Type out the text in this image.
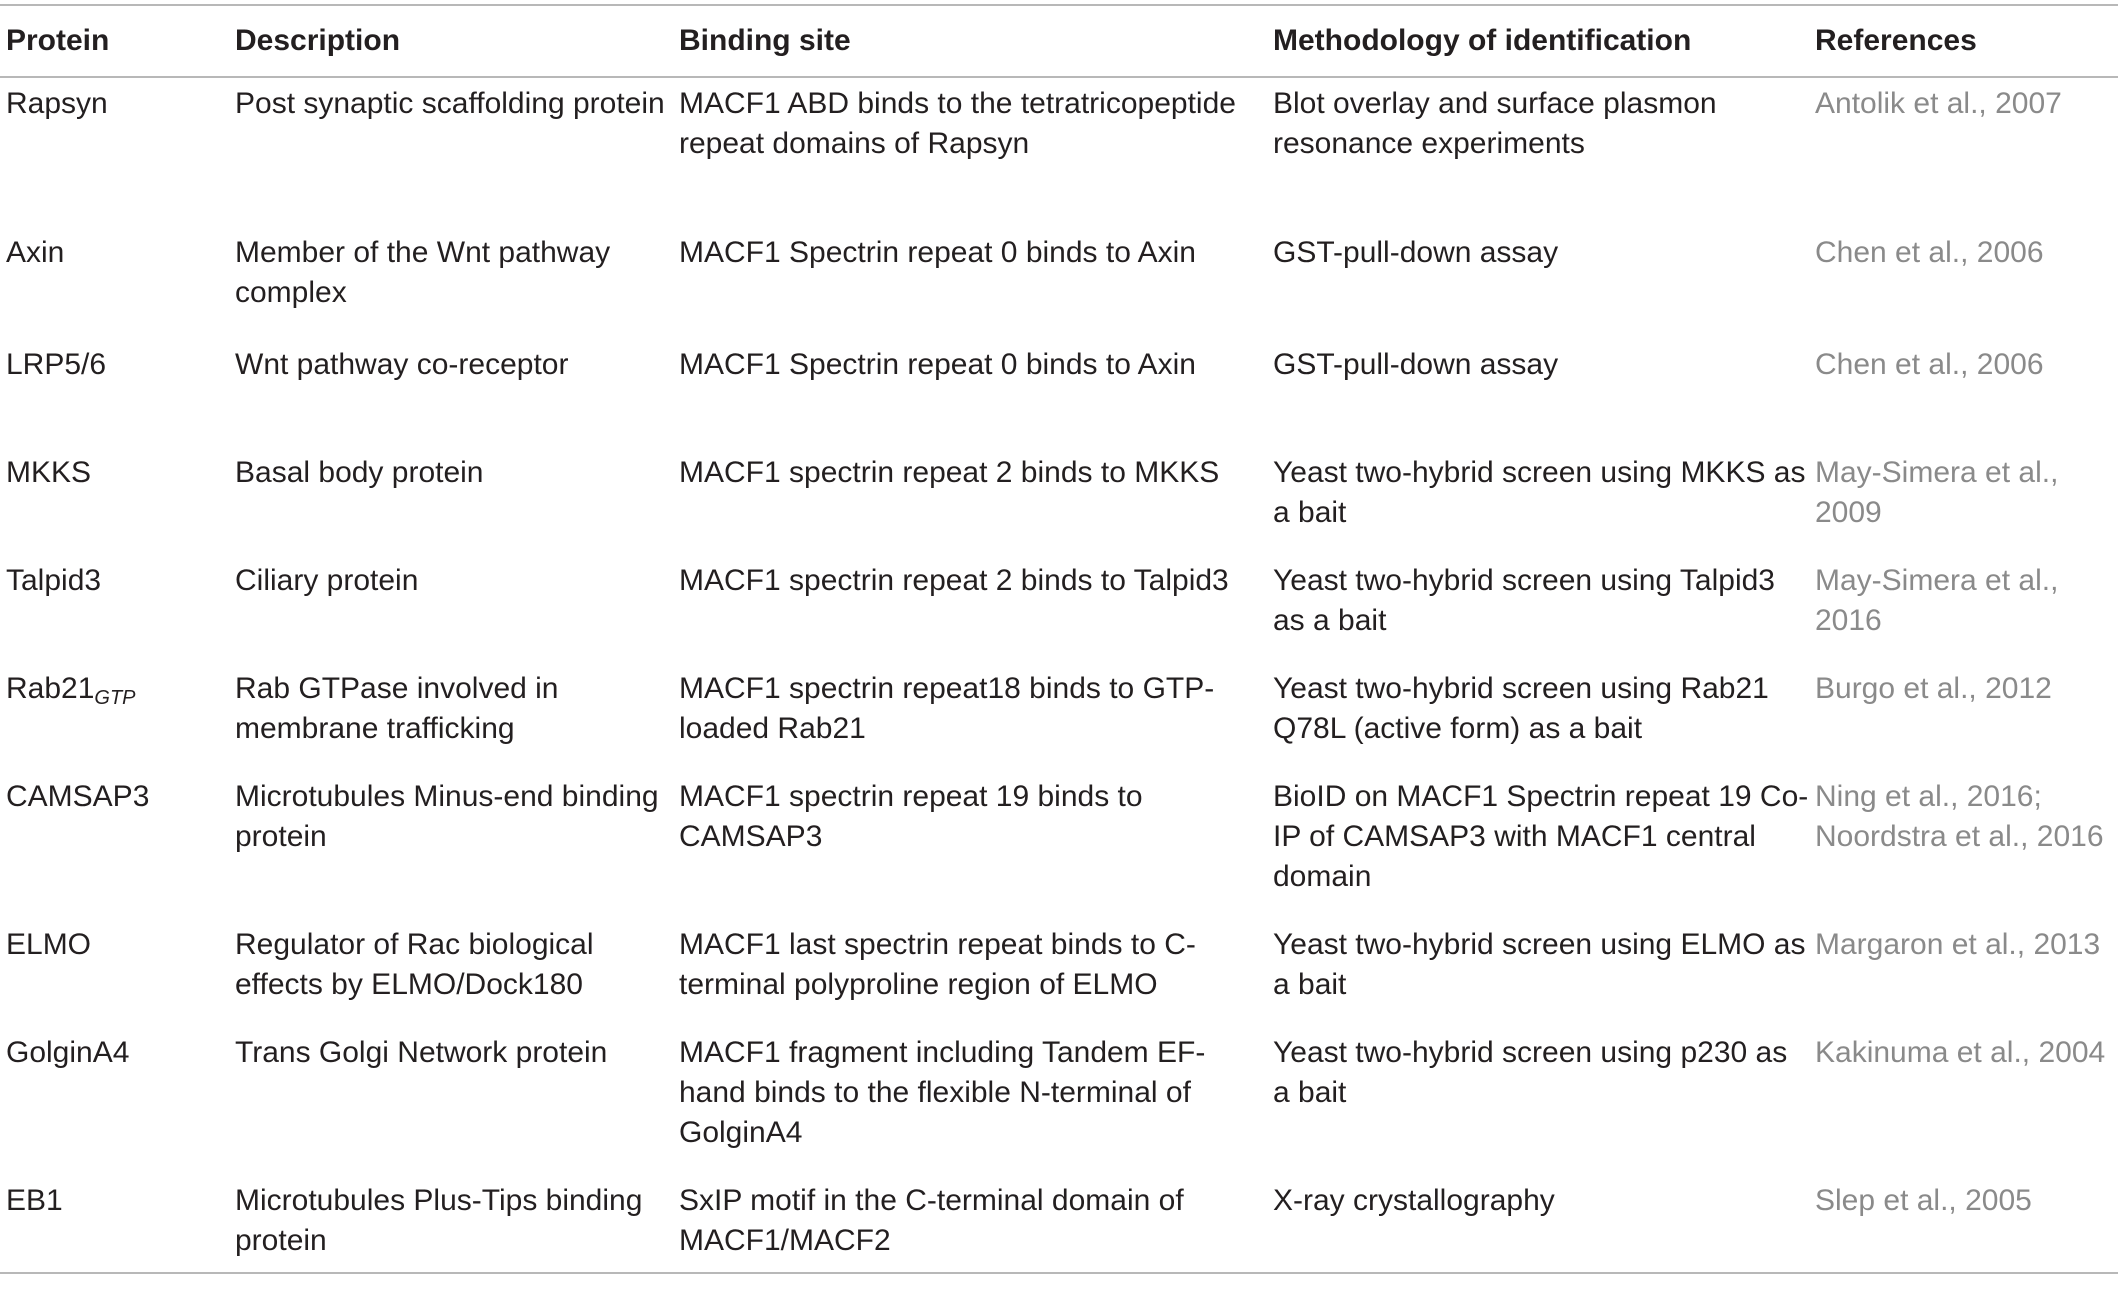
Protein	Description	Binding site	Methodology of identification	References
Rapsyn	Post synaptic scaffolding protein	MACF1 ABD binds to the tetratricopeptide repeat domains of Rapsyn	Blot overlay and surface plasmon resonance experiments	Antolik et al., 2007

Axin	Member of the Wnt pathway complex	MACF1 Spectrin repeat 0 binds to Axin	GST-pull-down assay	Chen et al., 2006

LRP5/6	Wnt pathway co-receptor	MACF1 Spectrin repeat 0 binds to Axin	GST-pull-down assay	Chen et al., 2006

MKKS	Basal body protein	MACF1 spectrin repeat 2 binds to MKKS	Yeast two-hybrid screen using MKKS as a bait	May-Simera et al., 2009

Talpid3	Ciliary protein	MACF1 spectrin repeat 2 binds to Talpid3	Yeast two-hybrid screen using Talpid3 as a bait	May-Simera et al., 2016

$Rab21_{GTP}$	Rab GTPase involved in membrane trafficking	MACF1 spectrin repeat18 binds to GTP-loaded Rab21	Yeast two-hybrid screen using Rab21 Q78L (active form) as a bait	Burgo et al., 2012

CAMSAP3	Microtubules Minus-end binding protein	MACF1 spectrin repeat 19 binds to CAMSAP3	BioID on MACF1 Spectrin repeat 19 Co-IP of CAMSAP3 with MACF1 central domain	Ning et al., 2016;
Noordstra et al., 2016

ELMO	Regulator of Rac biological effects by ELMO/Dock180	MACF1 last spectrin repeat binds to C-terminal polyproline region of ELMO	Yeast two-hybrid screen using ELMO as a bait	Margaron et al., 2013

GolginA4	Trans Golgi Network protein	MACF1 fragment including Tandem EF-hand binds to the flexible N-terminal of GolginA4	Yeast two-hybrid screen using p230 as a bait	Kakinuma et al., 2004

EB1	Microtubules Plus-Tips binding protein	SxIP motif in the C-terminal domain of MACF1/MACF2	X-ray crystallography	Slep et al., 2005
